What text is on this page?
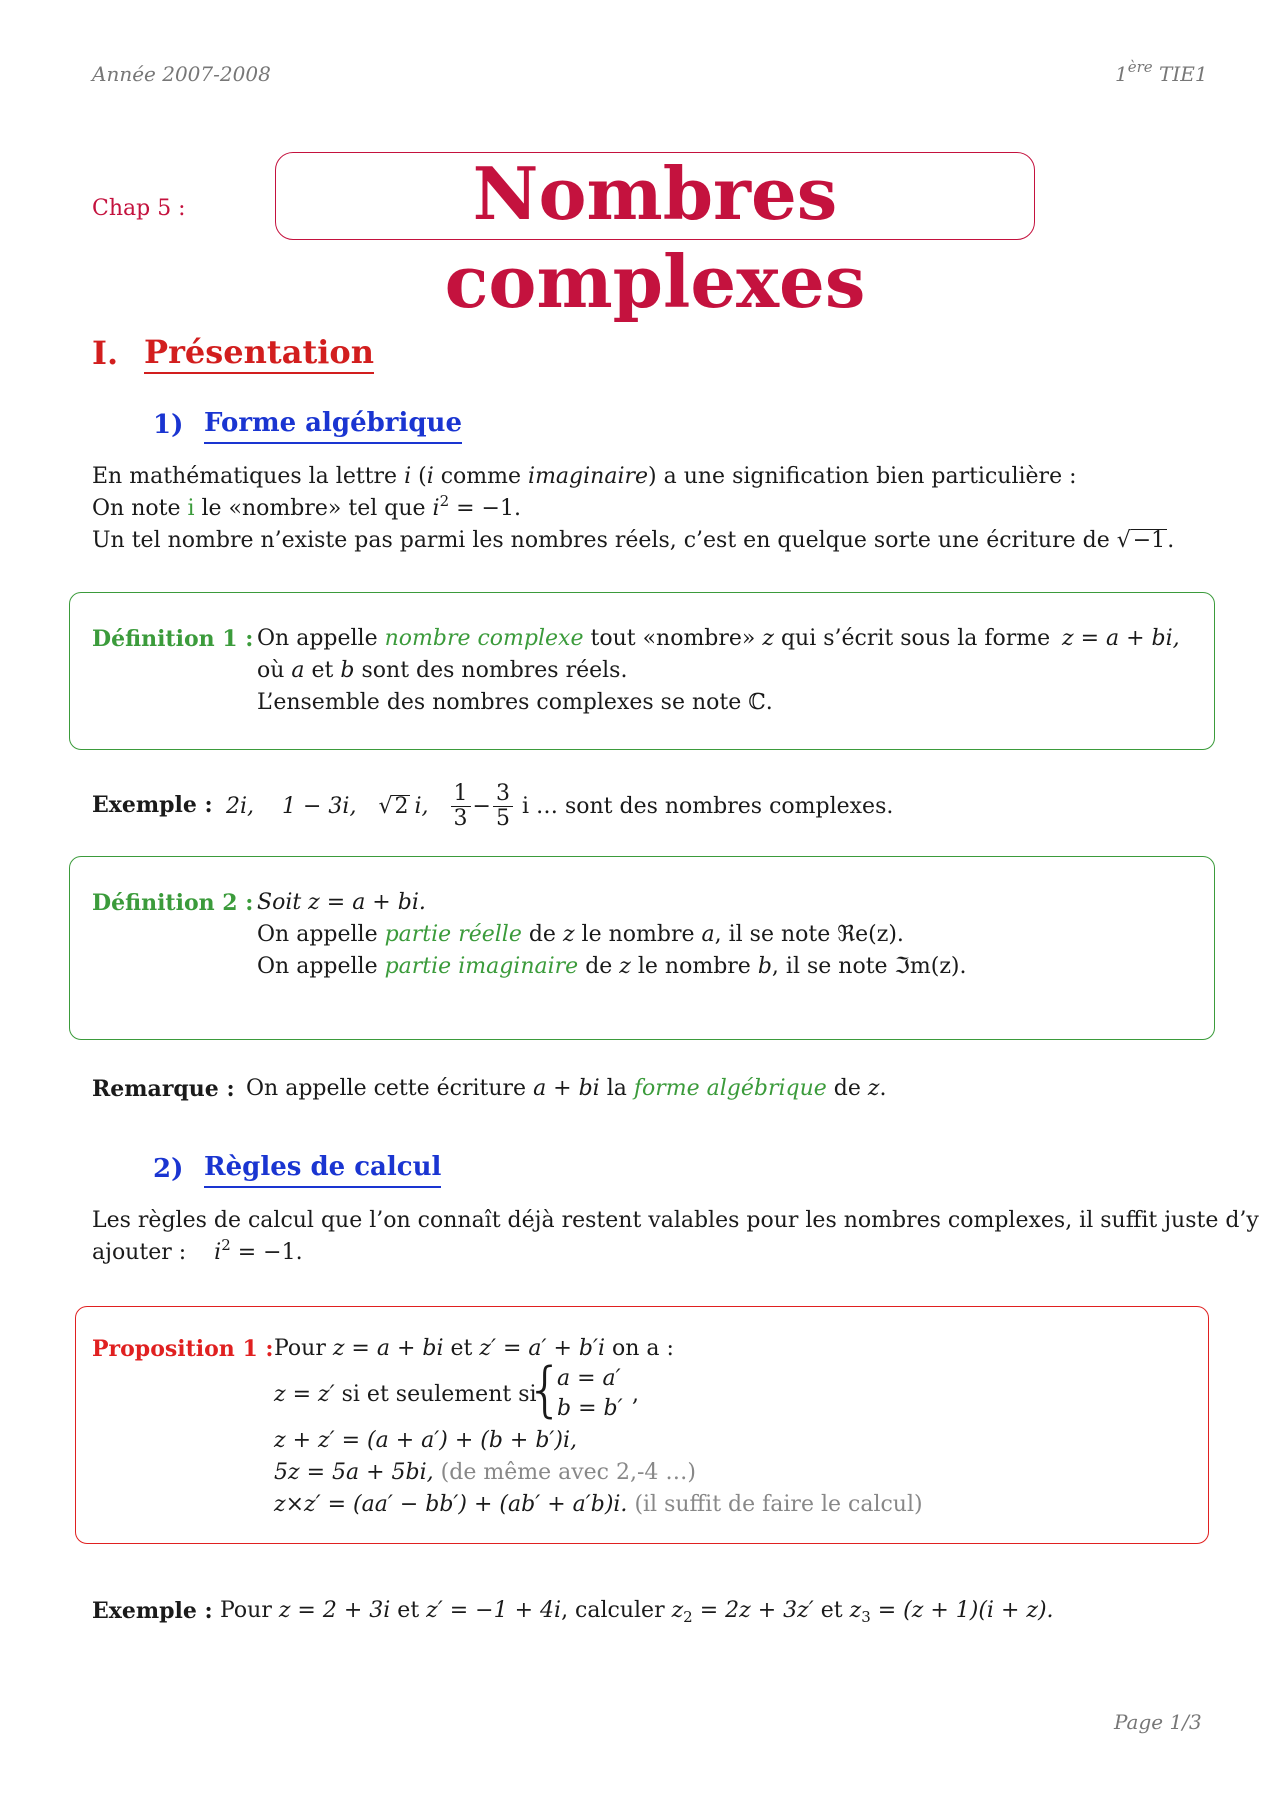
Année 2007-2008	1ère TIE1
Chap 5 :	Nombres complexes
I. Présentation
1) Forme algébrique
En mathématiques la lettre i (i comme imaginaire) a une signification bien particulière :
On note i le «nombre» tel que $i^2 = -1$.
Un tel nombre n’existe pas parmi les nombres réels, c’est en quelque sorte une écriture de √−1.
Définition 1 : On appelle nombre complexe tout «nombre» z qui s’écrit sous la forme z = a + bi,
où a et b sont des nombres réels.
L’ensemble des nombres complexes se note ℂ.
Exemple : 2i,    1 − 3i, √ 2 i, $\frac{1}{3} - \frac{3}{5}$ i … sont des nombres complexes.
Définition 2 : Soit z = a + bi.
On appelle partie réelle de z le nombre a, il se note ℜe(z).
On appelle partie imaginaire de z le nombre b, il se note ℑm(z).
Remarque : On appelle cette écriture a + bi la forme algébrique de z.
2) Règles de calcul
Les règles de calcul que l’on connaît déjà restent valables pour les nombres complexes, il suffit juste d’y
ajouter : $i^2 = -1$.
Proposition 1 : Pour z = a + bi et z′ = a′ + b′i on a :
z = z′ si et seulement si
{
a = a′
b = b′
,
z + z′ = (a + a′) + (b + b′)i,
5z = 5a + 5bi, (de même avec 2,-4 …)
z×z′ = (aa′ − bb′) + (ab′ + a′b)i. (il suffit de faire le calcul)
Exemple : Pour z = 2 + 3i et z′ = −1 + 4i, calculer $z_2 = 2z + 3z'$ et $z_3 = (z + 1)(i + z)$.
Page 1/3
